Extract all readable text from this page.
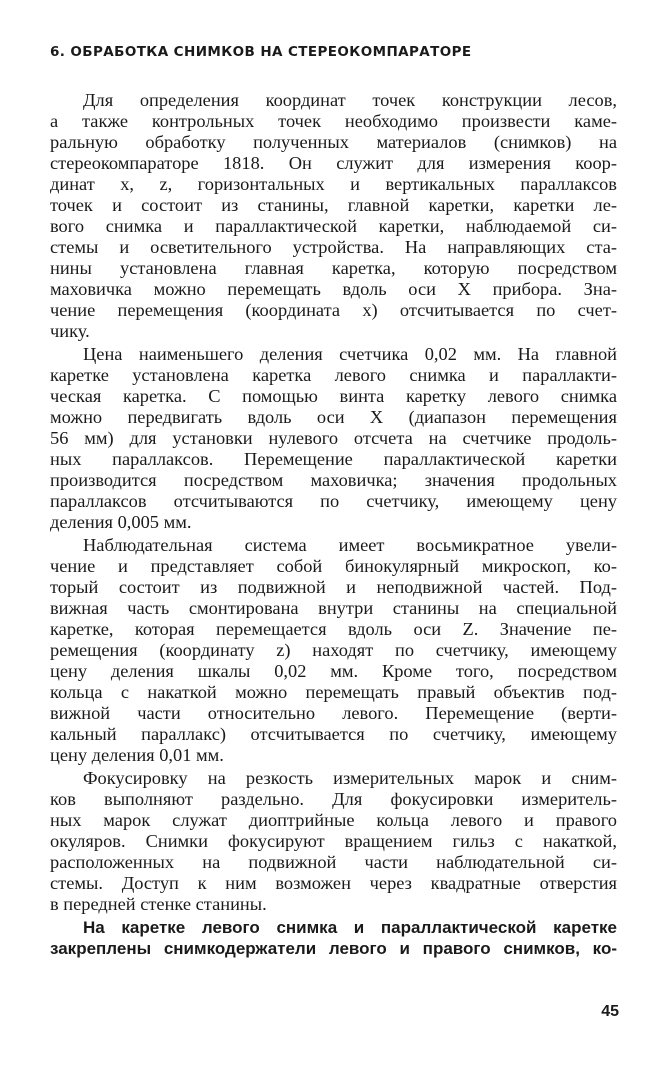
6. ОБРАБОТКА СНИМКОВ НА СТЕРЕОКОМПАРАТОРЕ
Для определения координат точек конструкции лесов,
а также контрольных точек необходимо произвести каме-
ральную обработку полученных материалов (снимков) на
стереокомпараторе 1818. Он служит для измерения коор-
динат x, z, горизонтальных и вертикальных параллаксов
точек и состоит из станины, главной каретки, каретки ле-
вого снимка и параллактической каретки, наблюдаемой си-
стемы и осветительного устройства. На направляющих ста-
нины установлена главная каретка, которую посредством
маховичка можно перемещать вдоль оси X прибора. Зна-
чение перемещения (координата x) отсчитывается по счет-
чику.
Цена наименьшего деления счетчика 0,02 мм. На главной
каретке установлена каретка левого снимка и параллакти-
ческая каретка. С помощью винта каретку левого снимка
можно передвигать вдоль оси X (диапазон перемещения
56 мм) для установки нулевого отсчета на счетчике продоль-
ных параллаксов. Перемещение параллактической каретки
производится посредством маховичка; значения продольных
параллаксов отсчитываются по счетчику, имеющему цену
деления 0,005 мм.
Наблюдательная система имеет восьмикратное увели-
чение и представляет собой бинокулярный микроскоп, ко-
торый состоит из подвижной и неподвижной частей. Под-
вижная часть смонтирована внутри станины на специальной
каретке, которая перемещается вдоль оси Z. Значение пе-
ремещения (координату z) находят по счетчику, имеющему
цену деления шкалы 0,02 мм. Кроме того, посредством
кольца с накаткой можно перемещать правый объектив под-
вижной части относительно левого. Перемещение (верти-
кальный параллакс) отсчитывается по счетчику, имеющему
цену деления 0,01 мм.
Фокусировку на резкость измерительных марок и сним-
ков выполняют раздельно. Для фокусировки измеритель-
ных марок служат диоптрийные кольца левого и правого
окуляров. Снимки фокусируют вращением гильз с накаткой,
расположенных на подвижной части наблюдательной си-
стемы. Доступ к ним возможен через квадратные отверстия
в передней стенке станины.
На каретке левого снимка и параллактической каретке
закреплены снимкодержатели левого и правого снимков, ко-
45
